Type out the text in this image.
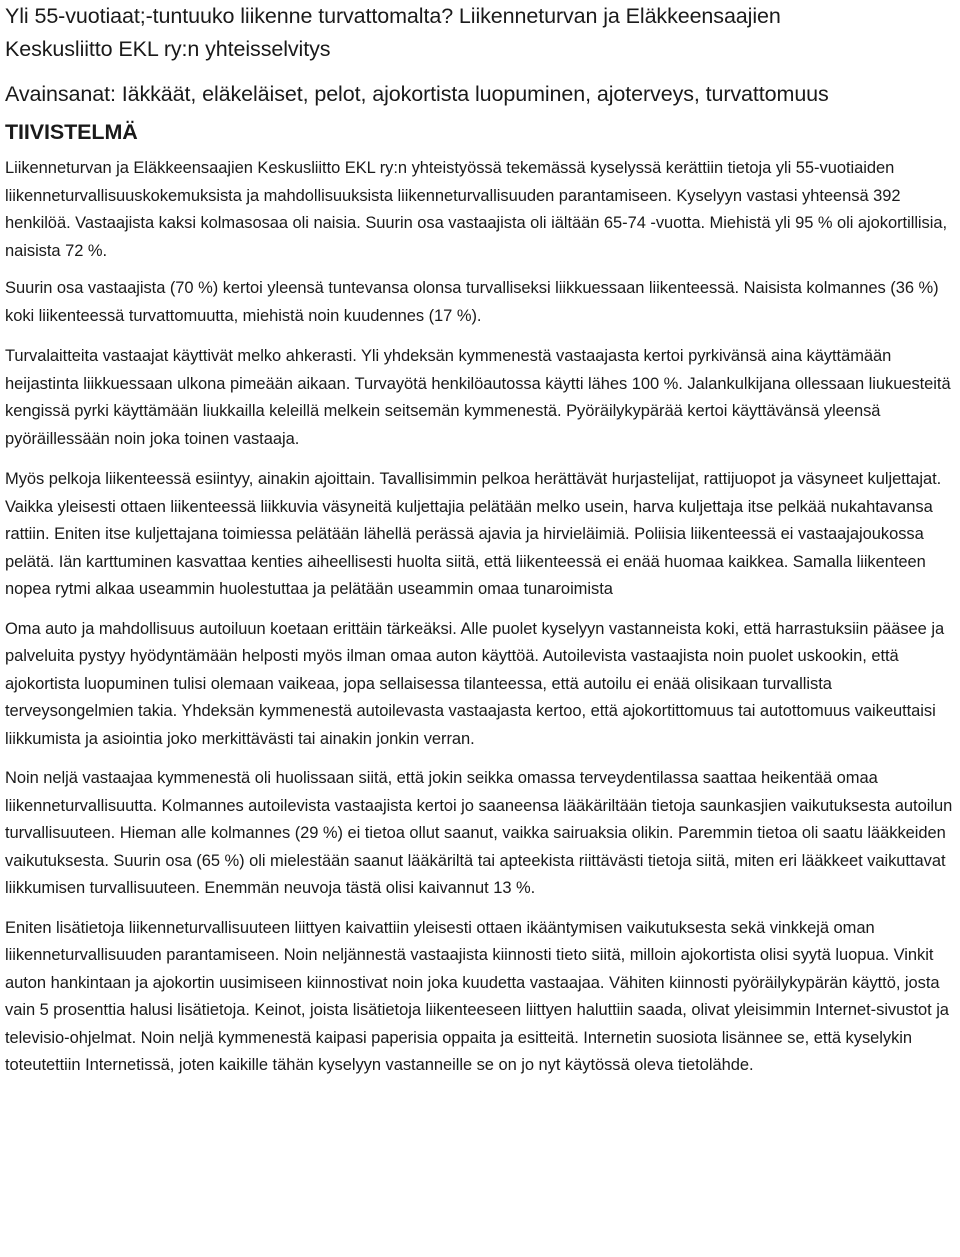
Yli 55-vuotiaat;-tuntuuko liikenne turvattomalta? Liikenneturvan ja Eläkkeensaajien
Keskusliitto EKL ry:n yhteisselvitys

Avainsanat: Iäkkäät, eläkeläiset, pelot, ajokortista luopuminen, ajoterveys, turvattomuus

TIIVISTELMÄ

Liikenneturvan ja Eläkkeensaajien Keskusliitto EKL ry:n yhteistyössä tekemässä kyselyssä kerättiin tietoja yli 55-vuotiaiden liikenneturvallisuuskokemuksista ja mahdollisuuksista liikenneturvallisuuden parantamiseen. Kyselyyn vastasi yhteensä 392 henkilöä. Vastaajista kaksi kolmasosaa oli naisia. Suurin osa vastaajista oli iältään 65-74 -vuotta. Miehistä yli 95 % oli ajokortillisia, naisista 72 %.

Suurin osa vastaajista (70 %) kertoi yleensä tuntevansa olonsa turvalliseksi liikkuessaan liikenteessä. Naisista kolmannes (36 %) koki liikenteessä turvattomuutta, miehistä noin kuudennes (17 %).

Turvalaitteita vastaajat käyttivät melko ahkerasti. Yli yhdeksän kymmenestä vastaajasta kertoi pyrkivänsä aina käyttämään heijastinta liikkuessaan ulkona pimeään aikaan. Turvayötä henkilöautossa käytti lähes 100 %. Jalankulkijana ollessaan liukuesteitä kengissä pyrki käyttämään liukkailla keleillä melkein seitsemän kymmenestä. Pyöräilykypärää kertoi käyttävänsä yleensä pyöräillessään noin joka toinen vastaaja.

Myös pelkoja liikenteessä esiintyy, ainakin ajoittain. Tavallisimmin pelkoa herättävät hurjastelijat, rattijuopot ja väsyneet kuljettajat. Vaikka yleisesti ottaen liikenteessä liikkuvia väsyneitä kuljettajia pelätään melko usein, harva kuljettaja itse pelkää nukahtavansa rattiin. Eniten itse kuljettajana toimiessa pelätään lähellä perässä ajavia ja hirvieläimiä. Poliisia liikenteessä ei vastaajajoukossa pelätä. Iän karttuminen kasvattaa kenties aiheellisesti huolta siitä, että liikenteessä ei enää huomaa kaikkea. Samalla liikenteen nopea rytmi alkaa useammin huolestuttaa ja pelätään useammin omaa tunaroimista

Oma auto ja mahdollisuus autoiluun koetaan erittäin tärkeäksi. Alle puolet kyselyyn vastanneista koki, että harrastuksiin pääsee ja palveluita pystyy hyödyntämään helposti myös ilman omaa auton käyttöä. Autoilevista vastaajista noin puolet uskookin, että ajokortista luopuminen tulisi olemaan vaikeaa, jopa sellaisessa tilanteessa, että autoilu ei enää olisikaan turvallista terveysongelmien takia. Yhdeksän kymmenestä autoilevasta vastaajasta kertoo, että ajokortittomuus tai autottomuus vaikeuttaisi liikkumista ja asiointia joko merkittävästi tai ainakin jonkin verran.

Noin neljä vastaajaa kymmenestä oli huolissaan siitä, että jokin seikka omassa terveydentilassa saattaa heikentää omaa liikenneturvallisuutta. Kolmannes autoilevista vastaajista kertoi jo saaneensa lääkäriltään tietoja saunkasjien vaikutuksesta autoilun turvallisuuteen. Hieman alle kolmannes (29 %) ei tietoa ollut saanut, vaikka sairuaksia olikin. Paremmin tietoa oli saatu lääkkeiden vaikutuksesta. Suurin osa (65 %) oli mielestään saanut lääkäriltä tai apteekista riittävästi tietoja siitä, miten eri lääkkeet vaikuttavat liikkumisen turvallisuuteen. Enemmän neuvoja tästä olisi kaivannut 13 %.

Eniten lisätietoja liikenneturvallisuuteen liittyen kaivattiin yleisesti ottaen ikääntymisen vaikutuksesta sekä vinkkejä oman liikenneturvallisuuden parantamiseen. Noin neljännestä vastaajista kiinnosti tieto siitä, milloin ajokortista olisi syytä luopua. Vinkit auton hankintaan ja ajokortin uusimiseen kiinnostivat noin joka kuudetta vastaajaa. Vähiten kiinnosti pyöräilykypärän käyttö, josta vain 5 prosenttia halusi lisätietoja. Keinot, joista lisätietoja liikenteeseen liittyen haluttiin saada, olivat yleisimmin Internet-sivustot ja televisio-ohjelmat. Noin neljä kymmenestä kaipasi paperisia oppaita ja esitteitä. Internetin suosiota lisännee se, että kyselykin toteutettiin Internetissä, joten kaikille tähän kyselyyn vastanneille se on jo nyt käytössä oleva tietolähde.
